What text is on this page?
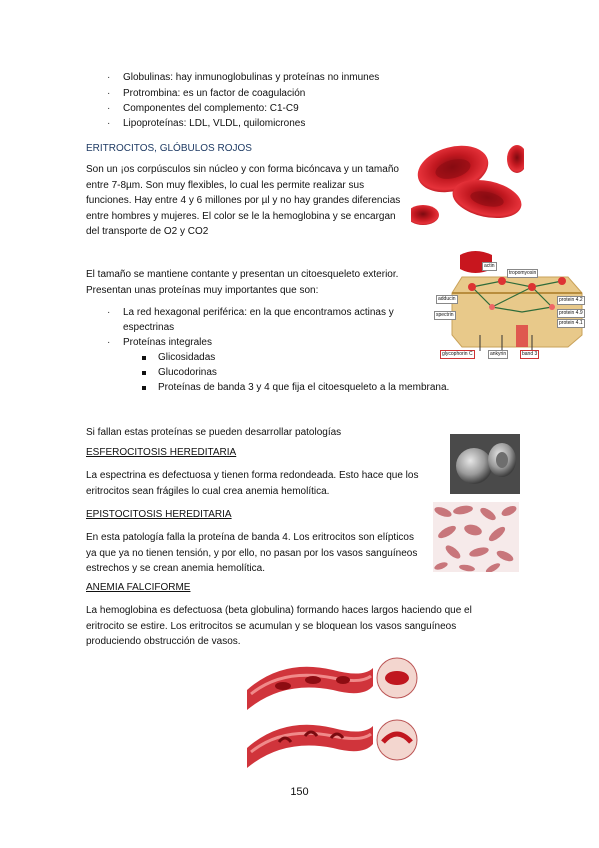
·	Globulinas: hay inmunoglobulinas y proteínas no inmunes
·	Protrombina: es un factor de coagulación
·	Componentes del complemento: C1-C9
·	Lipoproteínas: LDL, VLDL, quilomicrones
ERITROCITOS, GLÓBULOS ROJOS
Son un ¡os corpúsculos sin núcleo y con forma bicóncava y un tamaño
entre 7-8µm. Son muy flexibles, lo cual les permite realizar sus
funciones. Hay entre 4 y 6 millones por µl y no hay grandes diferencias
entre hombres y mujeres. El color se le la hemoglobina y se encargan
del transporte de O2 y CO2
El tamaño se mantiene contante y presentan un citoesqueleto exterior.
Presentan unas proteínas muy importantes que son:
·	La red hexagonal periférica: en la que encontramos actinas y
espectrinas
·	Proteínas integrales
Glicosidadas
Glucodorinas
Proteínas de banda 3 y 4 que fija el citoesqueleto a la membrana.
actin
tropomyosin
adducin
spectrin
protein 4.2
protein 4.9
protein 4.1
glycophorin C	ankyrin	band 3
Si fallan estas proteínas se pueden desarrollar patologías
ESFEROCITOSIS HEREDITARIA
La espectrina es defectuosa y tienen forma redondeada. Esto hace que los
eritrocitos sean frágiles lo cual crea anemia hemolítica.
EPISTOCITOSIS HEREDITARIA
En esta patología falla la proteína de banda 4. Los eritrocitos son elípticos
ya que ya no tienen tensión, y por ello, no pasan por los vasos sanguíneos
estrechos y se crean anemia hemolítica.
ANEMIA FALCIFORME
La hemoglobina es defectuosa (beta globulina) formando haces largos haciendo que el
eritrocito se estire. Los eritrocitos se acumulan y se bloquean los vasos sanguíneos
produciendo obstrucción de vasos.
150
